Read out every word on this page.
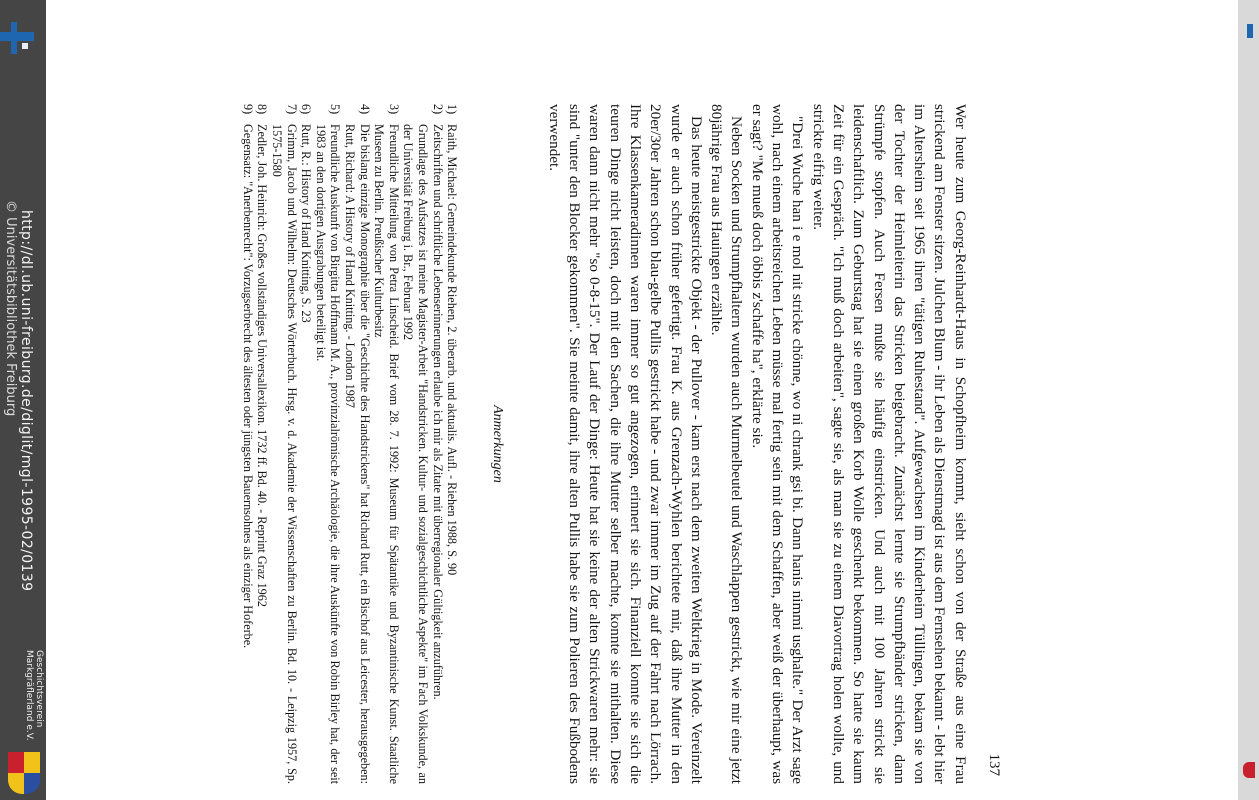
© Universitätsbibliothek Freiburg http://dl.ub.uni-freiburg.de/diglit/mgl-1995-02/0139
Geschichtsverein
Markgräflerland e.V.
137

Wer heute zum Georg-Reinhardt-Haus in Schopfheim kommt, sieht schon von der Straße aus eine Frau strickend am Fenster sitzen. Julchen Blum - ihr Leben als Dienstmagd ist aus dem Fernsehen bekannt - lebt hier im Altersheim seit 1965 ihren "tätigen Ruhestand". Aufgewachsen im Kinderheim Tüllingen, bekam sie von der Tochter der Heimleiterin das Stricken beigebracht. Zunächst lernte sie Strumpfbänder stricken, dann Strümpfe stopfen. Auch Fersen mußte sie häufig einstricken. Und auch mit 100 Jahren strickt sie leidenschaftlich. Zum Geburtstag hat sie einen großen Korb Wolle geschenkt bekommen. So hatte sie kaum Zeit für ein Gespräch. "Ich muß doch arbeiten", sagte sie, als man sie zu einem Diavortrag holen wollte, und strickte eifrig weiter.

"Drei Wuche han i e mol nit stricke chönne, wo ni chrank gsi bi. Dann hanis nimmi usghalte." Der Arzt sage wohl, nach einem arbeitsreichen Leben müsse mal fertig sein mit dem Schaffen, aber weiß der überhaupt, was er sagt? "Me mueß doch öbbis z'schaffe ha", erklärte sie.

Neben Socken und Strumpfhaltern wurden auch Murmelbeutel und Waschlappen gestrickt, wie mir eine jetzt 80jährige Frau aus Hauingen erzählte.

Das heute meistgestrickte Objekt - der Pullover - kam erst nach dem zweiten Weltkrieg in Mode. Vereinzelt wurde er auch schon früher gefertigt. Frau K. aus Grenzach-Wyhlen berichtete mir, daß ihre Mutter in den 20er/30er Jahren schon blau-gelbe Pullis gestrickt habe - und zwar immer im Zug auf der Fahrt nach Lörrach. Ihre Klassenkameradinnen waren immer so gut angezogen, erinnert sie sich. Finanziell konnte sie sich die teuren Dinge nicht leisten, doch mit den Sachen, die ihre Mutter selber machte, konnte sie mithalten. Diese waren dann nicht mehr "so 0-8-15". Der Lauf der Dinge: Heute hat sie keine der alten Strickwaren mehr: sie sind "unter den Blocker gekommen". Sie meinte damit, ihre alten Pullis habe sie zum Polieren des Fußbodens verwendet.

Anmerkungen
1)Raith, Michael: Gemeindekunde Riehen, 2. überarb. und aktualis. Aufl. - Riehen 1988, S. 90
2)Zeitschriften und schriftliche Lebenserinnerungen erlaube ich mir als Zitate mit überregionaler Gültigkeit anzuführen.
Grundlage des Aufsatzes ist meine Magister-Arbeit "Handstricken. Kultur- und sozialgeschichtliche Aspekte" im Fach Volkskunde, an der Universität Freiburg i. Br., Februar 1992
3)Freundliche Mitteilung von Petra Linscheid. Brief vom 28. 7. 1992: Museum für Spätantike und Byzantinische Kunst. Staatliche Museen zu Berlin. Preußischer Kulturbesitz
4)Die bislang einzige Monographie über die "Geschichte des Handstrickens" hat Richard Rutt, ein Bischof aus Leicester, herausgegeben: Rutt, Richard: A History of Hand Knitting. - London 1987
5)Freundliche Auskunft von Birgitta Hoffmann M. A., provinzialrömische Archäologie, die ihre Auskünfte von Robin Birley hat, der seit 1983 an den dortigen Ausgrabungen beteiligt ist.
6)Rutt, R.: History of Hand Knitting, S. 23
7)Grimm, Jacob und Wilhelm: Deutsches Wörterbuch. Hrsg. v. d. Akademie der Wissenschaften zu Berlin. Bd. 10. - Leipzig 1957, Sp. 1575-1580
8)Zedler, Joh. Heinrich: Großes vollständiges Universallexikon. 1732 ff. Bd. 40. - Reprint Graz 1962
9)Gegensatz: "Anerbenrecht": Vorzugserbrecht des ältesten oder jüngsten Bauernsohnes als einziger Hoferbe.
